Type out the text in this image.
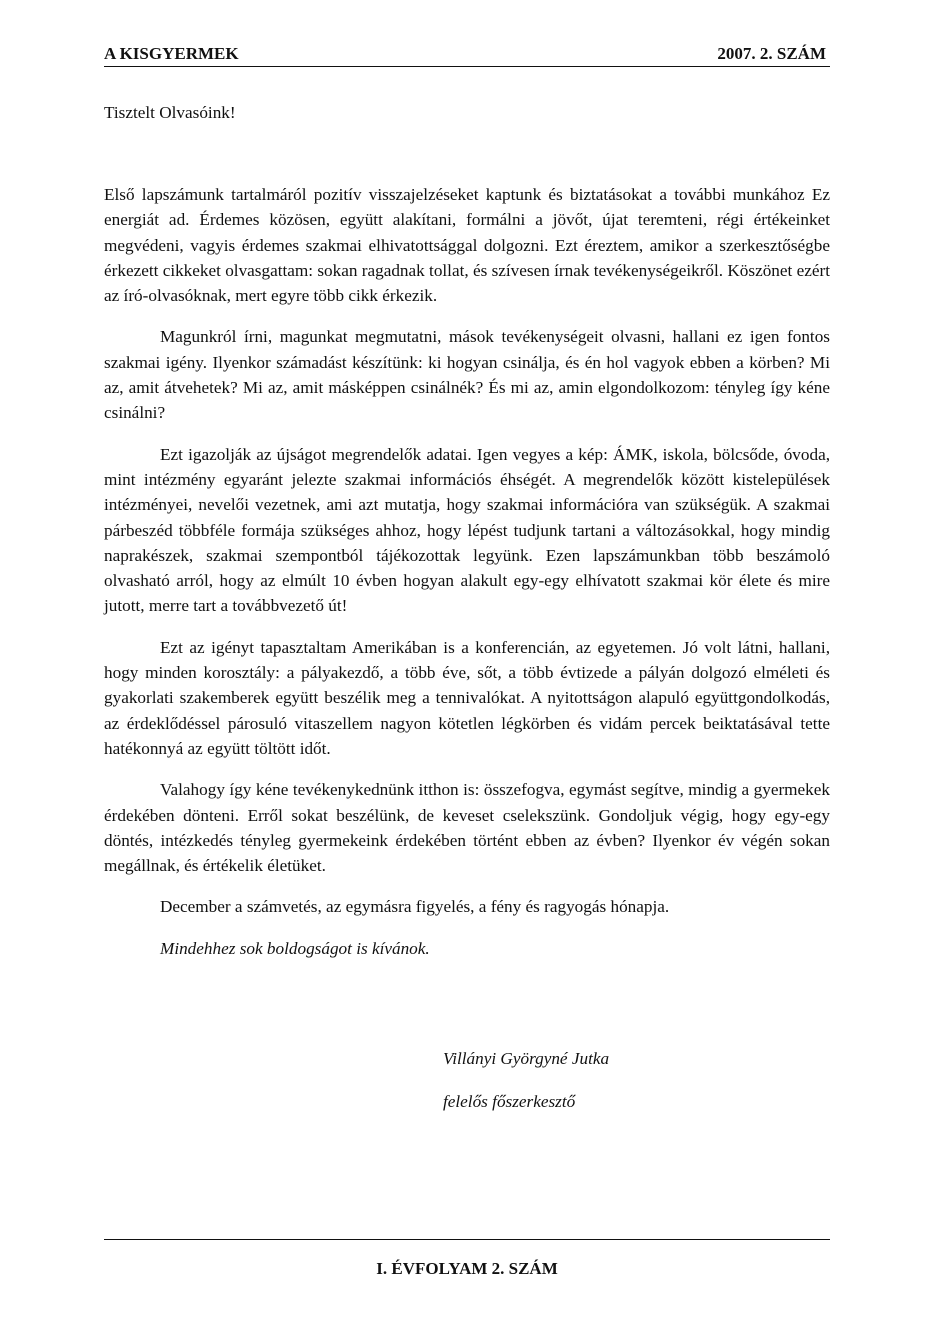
A KISGYERMEK	2007. 2. SZÁM

Tisztelt Olvasóink!

Első lapszámunk tartalmáról pozitív visszajelzéseket kaptunk és biztatásokat a további munkához Ez energiát ad. Érdemes közösen, együtt alakítani, formálni a jövőt, újat teremteni, régi értékeinket megvédeni, vagyis érdemes szakmai elhivatottsággal dolgozni. Ezt éreztem, amikor a szerkesztőségbe érkezett cikkeket olvasgattam: sokan ragadnak tollat, és szívesen írnak tevékenységeikről. Köszönet ezért az író-olvasóknak, mert egyre több cikk érkezik.

Magunkról írni, magunkat megmutatni, mások tevékenységeit olvasni, hallani ez igen fontos szakmai igény. Ilyenkor számadást készítünk: ki hogyan csinálja, és én hol vagyok ebben a körben? Mi az, amit átvehetek? Mi az, amit másképpen csinálnék? És mi az, amin elgondolkozom: tényleg így kéne csinálni?

Ezt igazolják az újságot megrendelők adatai. Igen vegyes a kép: ÁMK, iskola, bölcsőde, óvoda, mint intézmény egyaránt jelezte szakmai információs éhségét. A megrendelők között kistelepülések intézményei, nevelői vezetnek, ami azt mutatja, hogy szakmai információra van szükségük. A szakmai párbeszéd többféle formája szükséges ahhoz, hogy lépést tudjunk tartani a változásokkal, hogy mindig naprakészek, szakmai szempontból tájékozottak legyünk. Ezen lapszámunkban több beszámoló olvasható arról, hogy az elmúlt 10 évben hogyan alakult egy-egy elhívatott szakmai kör élete és mire jutott, merre tart a továbbvezető út!

Ezt az igényt tapasztaltam Amerikában is a konferencián, az egyetemen. Jó volt látni, hallani, hogy minden korosztály: a pályakezdő, a több éve, sőt, a több évtizede a pályán dolgozó elméleti és gyakorlati szakemberek együtt beszélik meg a tennivalókat. A nyitottságon alapuló együttgondolkodás, az érdeklődéssel párosuló vitaszellem nagyon kötetlen légkörben és vidám percek beiktatásával tette hatékonnyá az együtt töltött időt.

Valahogy így kéne tevékenykednünk itthon is: összefogva, egymást segítve, mindig a gyermekek érdekében dönteni. Erről sokat beszélünk, de keveset cselekszünk. Gondoljuk végig, hogy egy-egy döntés, intézkedés tényleg gyermekeink érdekében történt ebben az évben? Ilyenkor év végén sokan megállnak, és értékelik életüket.

December a számvetés, az egymásra figyelés, a fény és ragyogás hónapja.

Mindehhez sok boldogságot is kívánok.

Villányi Györgyné Jutka
felelős főszerkesztő
I. ÉVFOLYAM 2. SZÁM
